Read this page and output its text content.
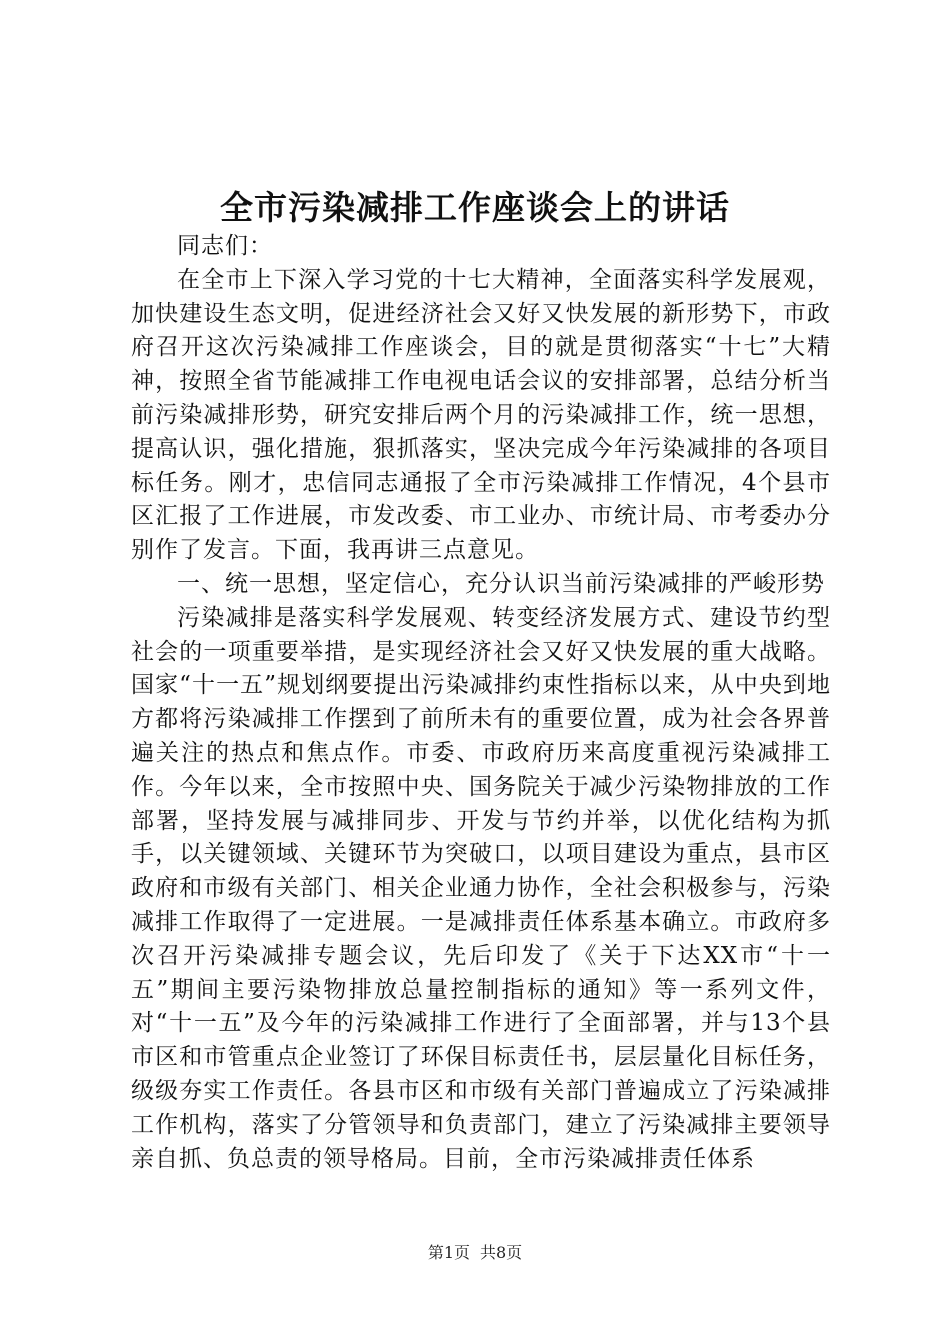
全市污染减排工作座谈会上的讲话

同志们：

在全市上下深入学习党的十七大精神，全面落实科学发展观，加快建设生态文明，促进经济社会又好又快发展的新形势下，市政府召开这次污染减排工作座谈会，目的就是贯彻落实“十七”大精神，按照全省节能减排工作电视电话会议的安排部署，总结分析当前污染减排形势，研究安排后两个月的污染减排工作，统一思想，提高认识，强化措施，狠抓落实，坚决完成今年污染减排的各项目标任务。刚才，忠信同志通报了全市污染减排工作情况，4个县市区汇报了工作进展，市发改委、市工业办、市统计局、市考委办分别作了发言。下面，我再讲三点意见。

一、统一思想，坚定信心，充分认识当前污染减排的严峻形势

污染减排是落实科学发展观、转变经济发展方式、建设节约型社会的一项重要举措，是实现经济社会又好又快发展的重大战略。国家“十一五”规划纲要提出污染减排约束性指标以来，从中央到地方都将污染减排工作摆到了前所未有的重要位置，成为社会各界普遍关注的热点和焦点作。市委、市政府历来高度重视污染减排工作。今年以来，全市按照中央、国务院关于减少污染物排放的工作部署，坚持发展与减排同步、开发与节约并举，以优化结构为抓手，以关键领域、关键环节为突破口，以项目建设为重点，县市区政府和市级有关部门、相关企业通力协作，全社会积极参与，污染减排工作取得了一定进展。一是减排责任体系基本确立。市政府多次召开污染减排专题会议，先后印发了《关于下达XX市“十一五”期间主要污染物排放总量控制指标的通知》等一系列文件，对“十一五”及今年的污染减排工作进行了全面部署，并与13个县市区和市管重点企业签订了环保目标责任书，层层量化目标任务，级级夯实工作责任。各县市区和市级有关部门普遍成立了污染减排工作机构，落实了分管领导和负责部门，建立了污染减排主要领导亲自抓、负总责的领导格局。目前，全市污染减排责任体系

第1页 共8页
